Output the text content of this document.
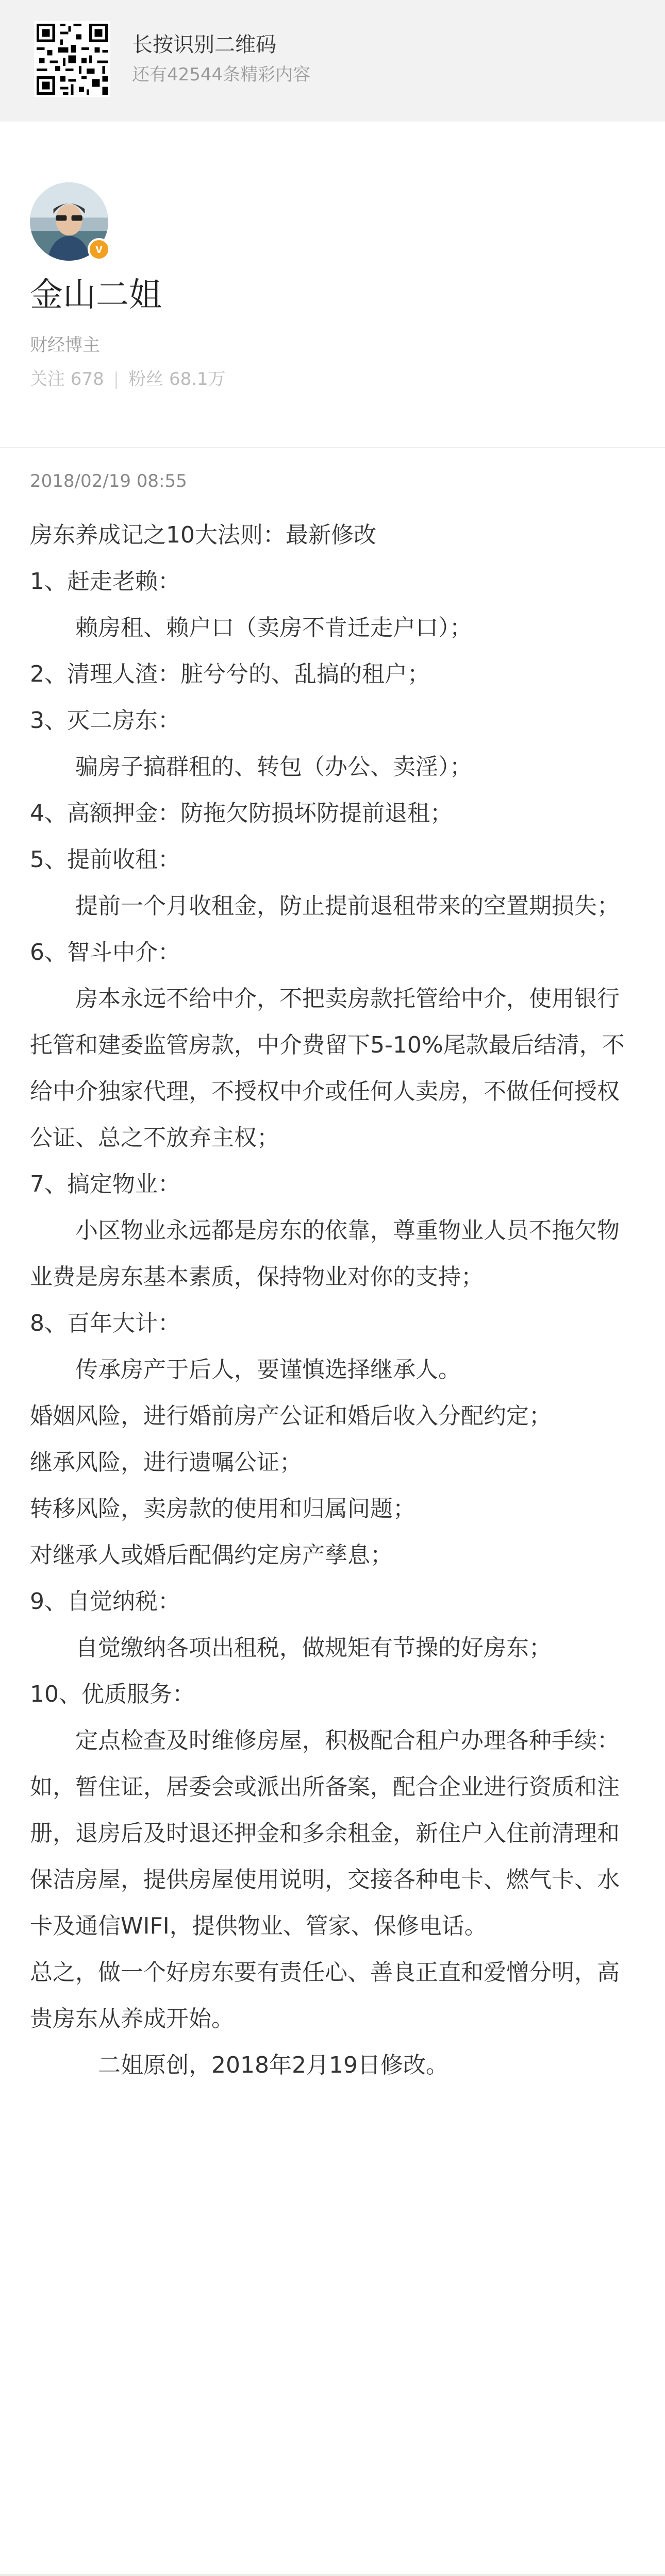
长按识别二维码
还有42544条精彩内容
v
金山二姐
财经博主
关注 678 | 粉丝 68.1万
2018/02/19 08:55

房东养成记之10大法则：最新修改

1、赶走老赖：

赖房租、赖户口（卖房不肯迁走户口）；

2、清理人渣：脏兮兮的、乱搞的租户；

3、灭二房东：

骗房子搞群租的、转包（办公、卖淫）；

4、高额押金：防拖欠防损坏防提前退租；

5、提前收租：

提前一个月收租金，防止提前退租带来的空置期损失；

6、智斗中介：

房本永远不给中介，不把卖房款托管给中介，使用银行托管和建委监管房款，中介费留下5-10%尾款最后结清，不给中介独家代理，不授权中介或任何人卖房，不做任何授权公证、总之不放弃主权；

7、搞定物业：

小区物业永远都是房东的依靠，尊重物业人员不拖欠物业费是房东基本素质，保持物业对你的支持；

8、百年大计：

传承房产于后人，要谨慎选择继承人。

婚姻风险，进行婚前房产公证和婚后收入分配约定；

继承风险，进行遗嘱公证；

转移风险，卖房款的使用和归属问题；

对继承人或婚后配偶约定房产孳息；

9、自觉纳税：

自觉缴纳各项出租税，做规矩有节操的好房东；

10、优质服务：

定点检查及时维修房屋，积极配合租户办理各种手续：如，暂住证，居委会或派出所备案，配合企业进行资质和注册，退房后及时退还押金和多余租金，新住户入住前清理和保洁房屋，提供房屋使用说明，交接各种电卡、燃气卡、水卡及通信WIFI，提供物业、管家、保修电话。

总之，做一个好房东要有责任心、善良正直和爱憎分明，高贵房东从养成开始。

二姐原创，2018年2月19日修改。
